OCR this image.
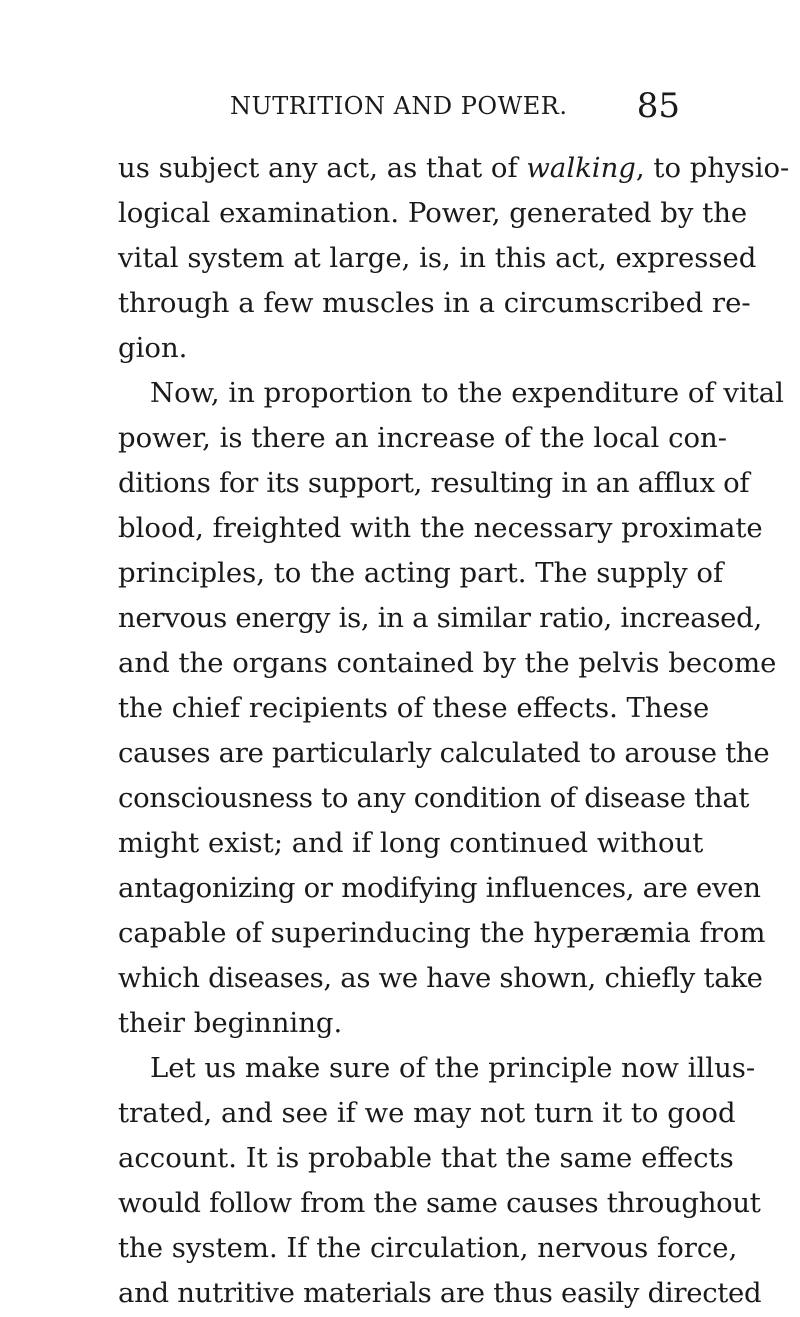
NUTRITION AND POWER. 85
us subject any act, as that of walking, to physio-
logical examination. Power, generated by the
vital system at large, is, in this act, expressed
through a few muscles in a circumscribed re-
gion.
Now, in proportion to the expenditure of vital
power, is there an increase of the local con-
ditions for its support, resulting in an afflux of
blood, freighted with the necessary proximate
principles, to the acting part. The supply of
nervous energy is, in a similar ratio, increased,
and the organs contained by the pelvis become
the chief recipients of these effects. These
causes are particularly calculated to arouse the
consciousness to any condition of disease that
might exist; and if long continued without
antagonizing or modifying influences, are even
capable of superinducing the hyperæmia from
which diseases, as we have shown, chiefly take
their beginning.
Let us make sure of the principle now illus-
trated, and see if we may not turn it to good
account. It is probable that the same effects
would follow from the same causes throughout
the system. If the circulation, nervous force,
and nutritive materials are thus easily directed
